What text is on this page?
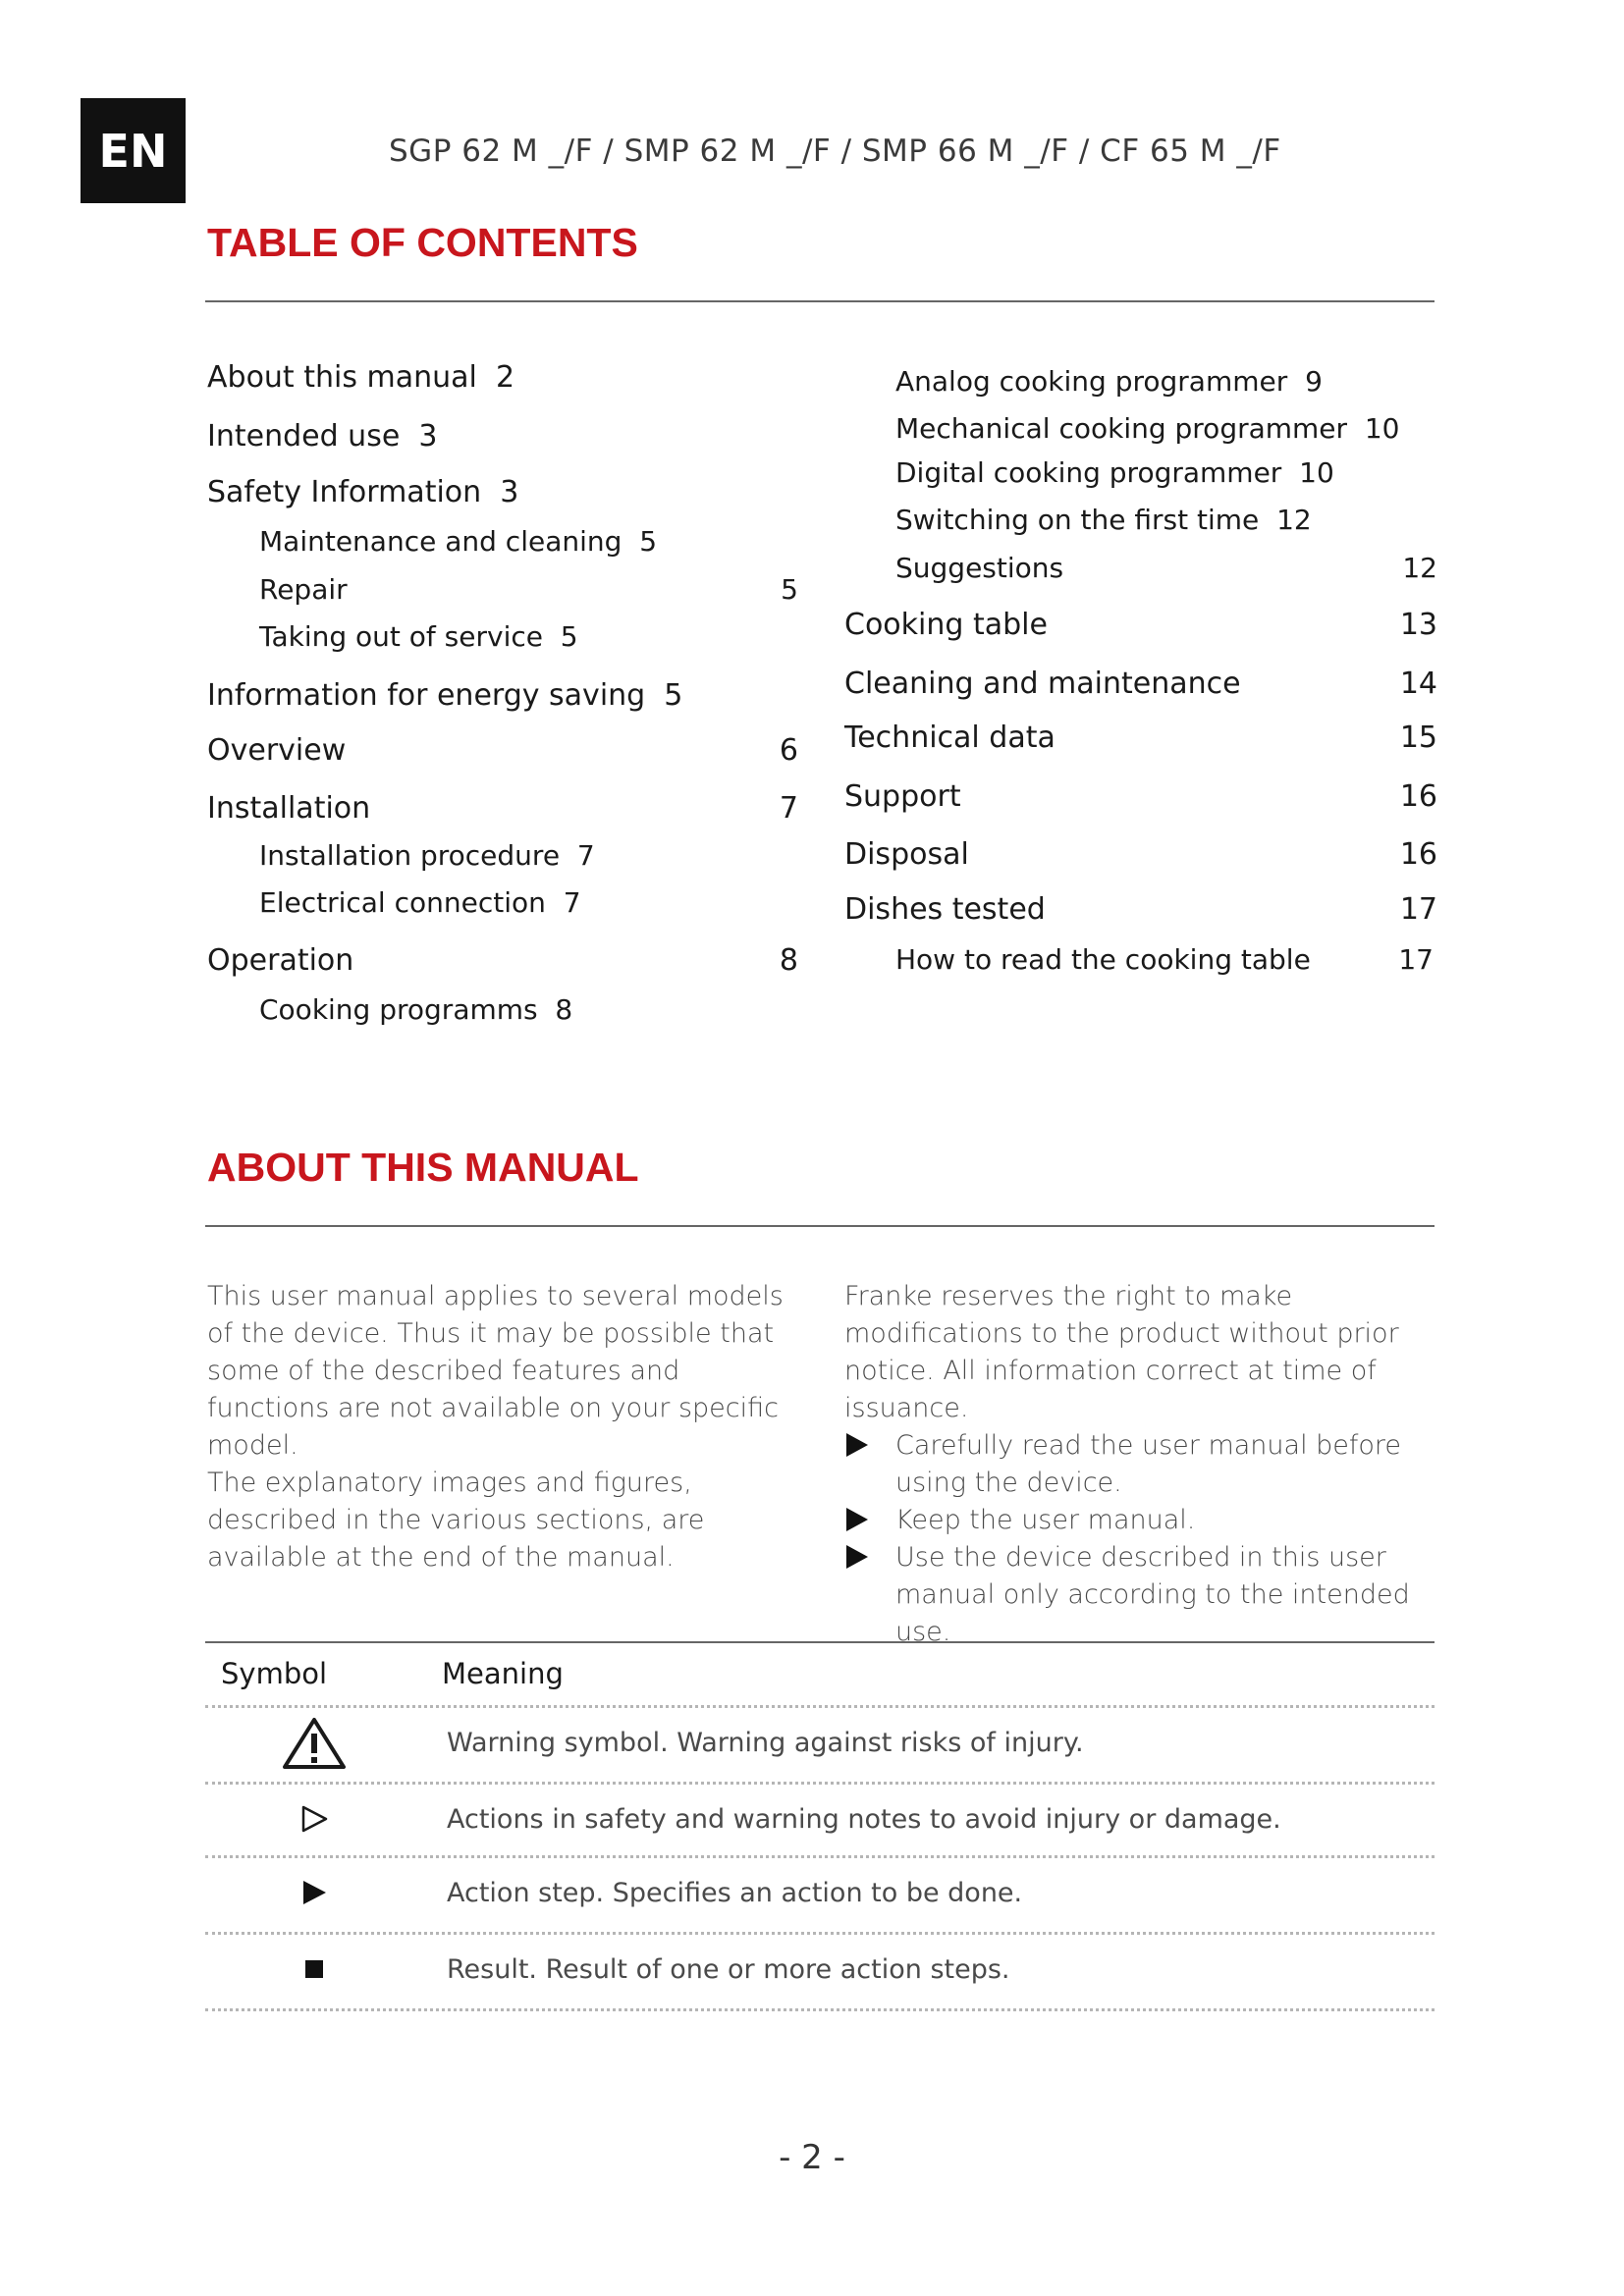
EN	SGP 62 M _/F / SMP 62 M _/F / SMP 66 M _/F / CF 65 M _/F
TABLE OF CONTENTS
About this manual 2
Intended use 3
Safety Information 3
Maintenance and cleaning 5
Repair	5
Taking out of service 5
Information for energy saving 5
Overview	6
Installation	7
Installation procedure 7
Electrical connection 7
Operation	8
Cooking programms 8
Analog cooking programmer 9
Mechanical cooking programmer 10
Digital cooking programmer 10
Switching on the first time 12
Suggestions	12
Cooking table	13
Cleaning and maintenance	14
Technical data	15
Support	16
Disposal	16
Dishes tested	17
How to read the cooking table	17
ABOUT THIS MANUAL

This user manual applies to several models of the device. Thus it may be possible that some of the described features and functions are not available on your specific model.

The explanatory images and figures, described in the various sections, are available at the end of the manual.

Franke reserves the right to make modifications to the product without prior notice. All information correct at time of issuance.

Carefully read the user manual before using the device.
Keep the user manual.
Use the device described in this user manual only according to the intended use.
Symbol	Meaning
Warning symbol. Warning against risks of injury.
Actions in safety and warning notes to avoid injury or damage.
Action step. Specifies an action to be done.
Result. Result of one or more action steps.
- 2 -
